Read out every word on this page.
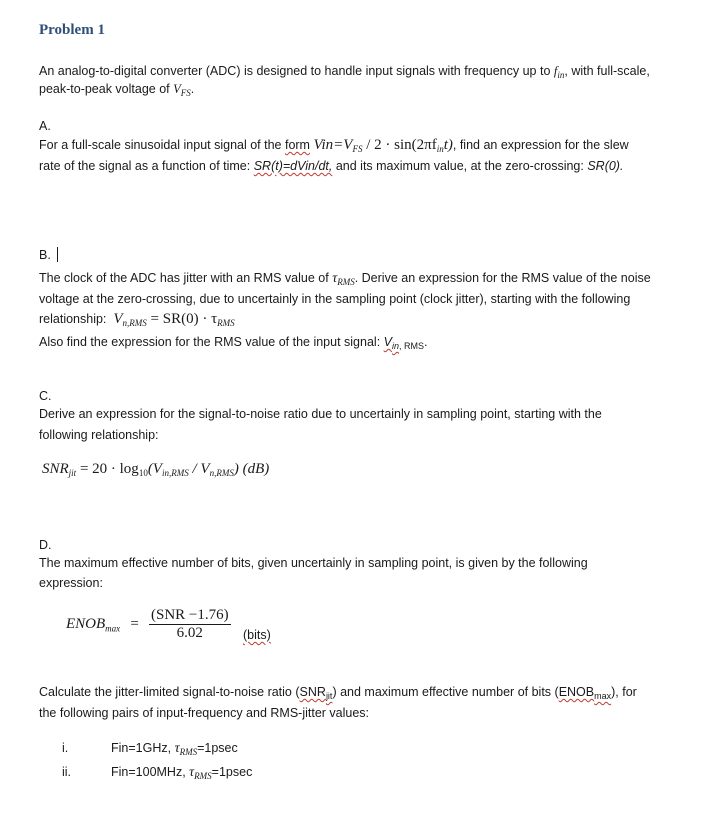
Problem 1
An analog-to-digital converter (ADC) is designed to handle input signals with frequency up to $f_{in}$, with full-scale,
peak-to-peak voltage of $V_{FS}$.
A.
For a full-scale sinusoidal input signal of the form $Vin=V_{FS} / 2 \cdot \sin(2\pi f_{in}t)$, find an expression for the slew
rate of the signal as a function of time: SR(t)=dVin/dt, and its maximum value, at the zero-crossing: SR(0).
B.
The clock of the ADC has jitter with an RMS value of $\tau_{RMS}$. Derive an expression for the RMS value of the noise
voltage at the zero-crossing, due to uncertainly in the sampling point (clock jitter), starting with the following
relationship: $V_{n,RMS} = SR(0) \cdot \tau_{RMS}$
Also find the expression for the RMS value of the input signal: $V_{in, RMS}$.
C.
Derive an expression for the signal-to-noise ratio due to uncertainly in sampling point, starting with the
following relationship:
$SNR_{jit} = 20 \cdot \log_{10}(V_{in,RMS} / V_{n,RMS})$ (dB)
D.
The maximum effective number of bits, given uncertainly in sampling point, is given by the following
expression:
$ENOB_{max} = \frac{\text{(SNR −1.76)}}{6.02}$ (bits)
Calculate the jitter-limited signal-to-noise ratio $(SNR_{jit})$ and maximum effective number of bits $(ENOB_{max})$, for
the following pairs of input-frequency and RMS-jitter values:
i.	Fin=1GHz, $\tau_{RMS}=1psec$
ii.	Fin=100MHz, $\tau_{RMS}=1psec$
